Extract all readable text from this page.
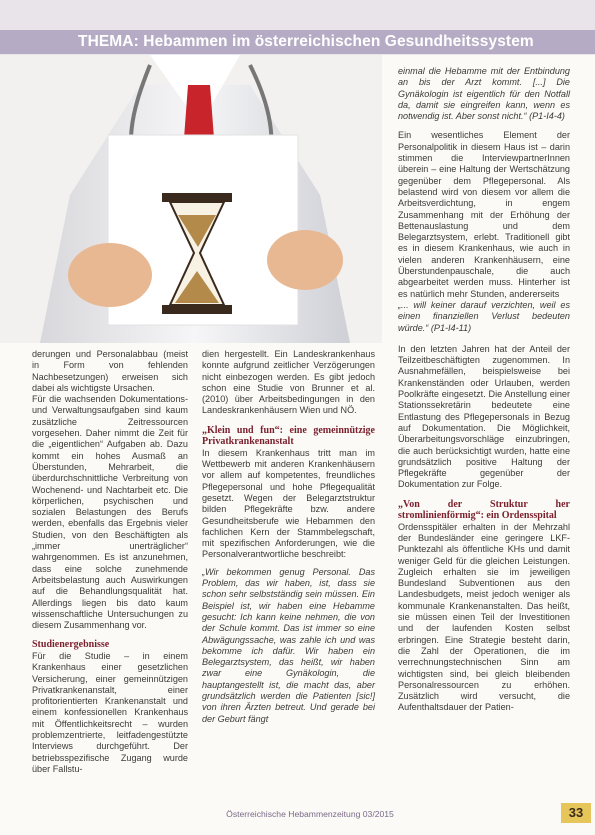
THEMA: Hebammen im österreichischen Gesundheitssystem

derungen und Personalabbau (meist in Form von fehlenden Nachbesetzungen) erweisen sich dabei als wichtigste Ursachen.

Für die wachsenden Dokumentations- und Verwaltungsaufgaben sind kaum zusätzliche Zeitressourcen vorgesehen. Daher nimmt die Zeit für die „eigentlichen“ Aufgaben ab. Dazu kommt ein hohes Ausmaß an Überstunden, Mehrarbeit, die überdurchschnittliche Verbreitung von Wochenend- und Nachtarbeit etc. Die körperlichen, psychischen und sozialen Belastungen des Berufs werden, ebenfalls das Ergebnis vieler Studien, von den Beschäftigten als „immer unerträglicher“ wahrgenommen. Es ist anzunehmen, dass eine solche zunehmende Arbeitsbelastung auch Auswirkungen auf die Behandlungsqualität hat. Allerdings liegen bis dato kaum wissenschaftliche Untersuchungen zu diesem Zusammenhang vor.

Studienergebnisse

Für die Studie – in einem Krankenhaus einer gesetzlichen Versicherung, einer gemeinnützigen Privatkrankenanstalt, einer profitorientierten Krankenanstalt und einem konfessionellen Krankenhaus mit Öffentlichkeitsrecht – wurden problemzentrierte, leitfadengestützte Interviews durchgeführt. Der betriebsspezifische Zugang wurde über Fallstu-

dien hergestellt. Ein Landeskrankenhaus konnte aufgrund zeitlicher Verzögerungen nicht einbezogen werden. Es gibt jedoch schon eine Studie von Brunner et al. (2010) über Arbeitsbedingungen in den Landeskrankenhäusern Wien und NÖ.

„Klein und fun“: eine gemeinnützige Privatkrankenanstalt

In diesem Krankenhaus tritt man im Wettbewerb mit anderen Krankenhäusern vor allem auf kompetentes, freundliches Pflegepersonal und hohe Pflegequalität gesetzt. Wegen der Belegarztstruktur bilden Pflegekräfte bzw. andere Gesundheitsberufe wie Hebammen den fachlichen Kern der Stammbelegschaft, mit spezifischen Anforderungen, wie die Personalverantwortliche beschreibt:

„Wir bekommen genug Personal. Das Problem, das wir haben, ist, dass sie schon sehr selbstständig sein müssen. Ein Beispiel ist, wir haben eine Hebamme gesucht: Ich kann keine nehmen, die von der Schule kommt. Das ist immer so eine Abwägungssache, was zahle ich und was bekomme ich dafür. Wir haben ein Belegarztsystem, das heißt, wir haben zwar eine Gynäkologin, die hauptangestellt ist, die macht das, aber grundsätzlich werden die Patienten [sic!] von ihren Ärzten betreut. Und gerade bei der Geburt fängt

einmal die Hebamme mit der Entbindung an bis der Arzt kommt. [...] Die Gynäkologin ist eigentlich für den Notfall da, damit sie eingreifen kann, wenn es notwendig ist. Aber sonst nicht.“ (P1-I4-4)

Ein wesentliches Element der Personalpolitik in diesem Haus ist – darin stimmen die InterviewpartnerInnen überein – eine Haltung der Wertschätzung gegenüber dem Pflegepersonal. Als belastend wird von diesem vor allem die Arbeitsverdichtung, in engem Zusammenhang mit der Erhöhung der Bettenauslastung und dem Belegarztsystem, erlebt. Traditionell gibt es in diesem Krankenhaus, wie auch in vielen anderen Krankenhäusern, eine Überstundenpauschale, die auch abgearbeitet werden muss. Hinterher ist es natürlich mehr Stunden, andererseits

„... will keiner darauf verzichten, weil es einen finanziellen Verlust bedeuten würde.“ (P1-I4-11)

In den letzten Jahren hat der Anteil der Teilzeitbeschäftigten zugenommen. In Ausnahmefällen, beispielsweise bei Krankenständen oder Urlauben, werden Poolkräfte eingesetzt. Die Anstellung einer Stationssekretärin bedeutete eine Entlastung des Pflegepersonals in Bezug auf Dokumentation. Die Möglichkeit, Überarbeitungsvorschläge einzubringen, die auch berücksichtigt wurden, hatte eine grundsätzlich positive Haltung der Pflegekräfte gegenüber der Dokumentation zur Folge.

„Von der Struktur her stromlinienförmig“: ein Ordensspital

Ordensspitäler erhalten in der Mehrzahl der Bundesländer eine geringere LKF-Punktezahl als öffentliche KHs und damit weniger Geld für die gleichen Leistungen. Zugleich erhalten sie im jeweiligen Bundesland Subventionen aus den Landesbudgets, meist jedoch weniger als kommunale Krankenanstalten. Das heißt, sie müssen einen Teil der Investitionen und der laufenden Kosten selbst erbringen. Eine Strategie besteht darin, die Zahl der Operationen, die im verrechnungstechnischen Sinn am wichtigsten sind, bei gleich bleibenden Personalressourcen zu erhöhen. Zusätzlich wird versucht, die Aufenthaltsdauer der Patien-

Österreichische Hebammenzeitung 03/2015	33
